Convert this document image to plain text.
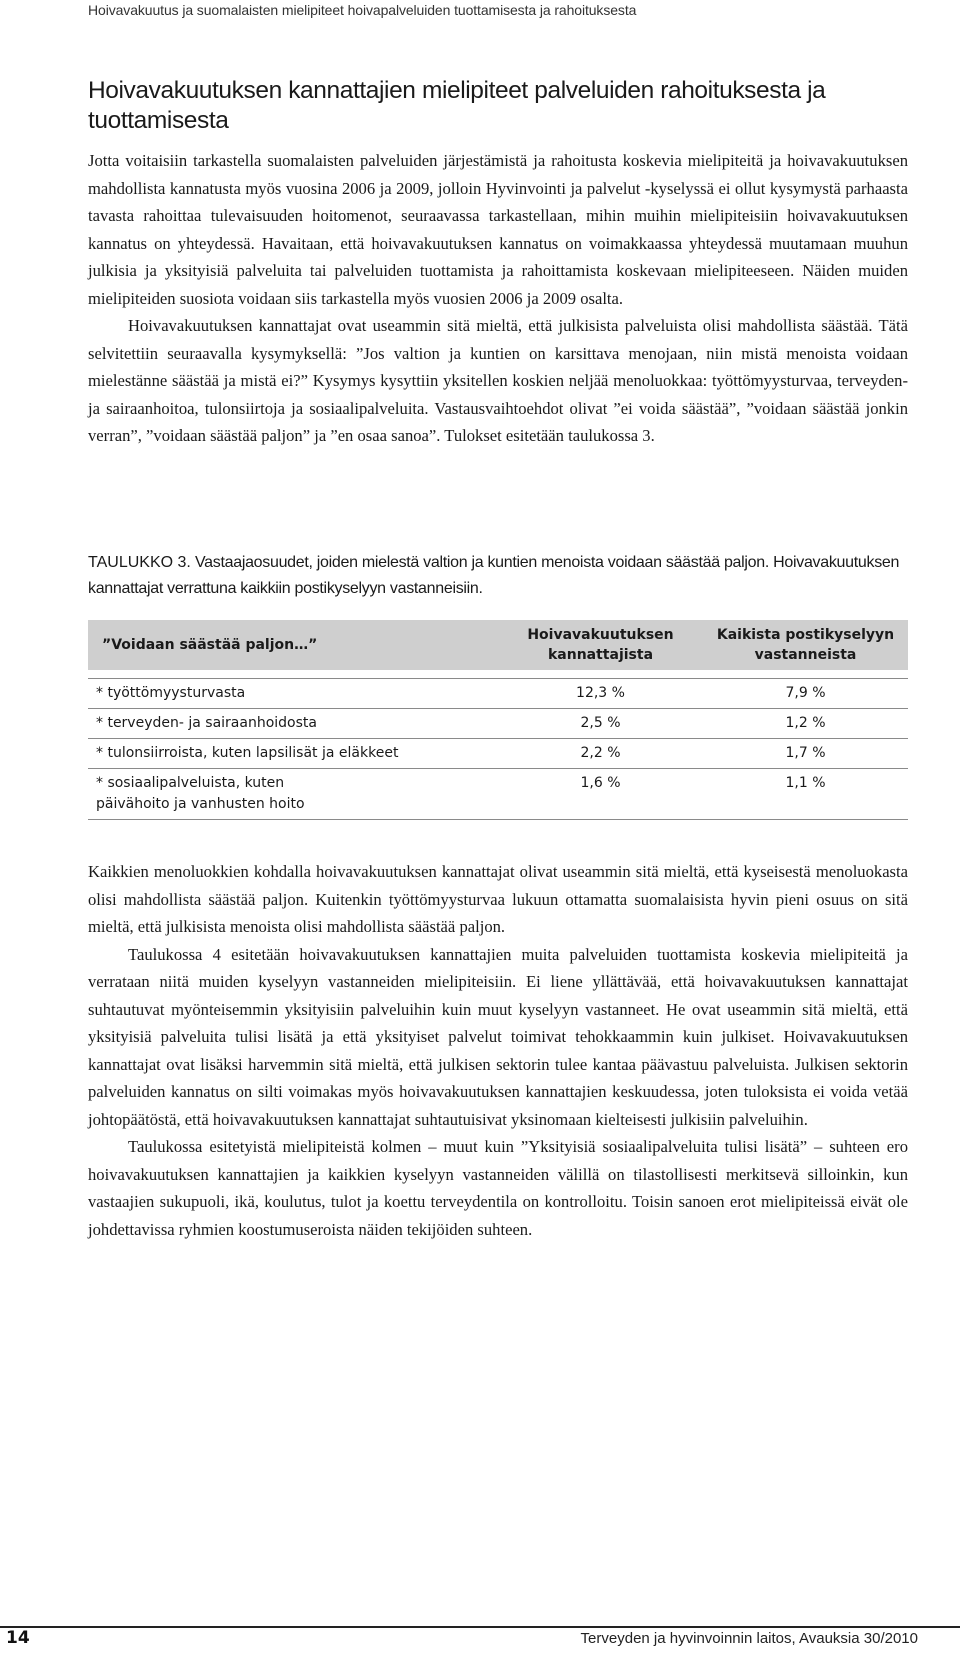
Hoivavakuutus ja suomalaisten mielipiteet hoivapalveluiden tuottamisesta ja rahoituksesta
Hoivavakuutuksen kannattajien mielipiteet palveluiden rahoituksesta ja tuottamisesta

Jotta voitaisiin tarkastella suomalaisten palveluiden järjestämistä ja rahoitusta koskevia mielipiteitä ja hoivavakuutuksen mahdollista kannatusta myös vuosina 2006 ja 2009, jolloin Hyvinvointi ja palvelut -kyselyssä ei ollut kysymystä parhaasta tavasta rahoittaa tulevaisuuden hoitomenot, seuraavassa tarkastellaan, mihin muihin mielipiteisiin hoivavakuutuksen kannatus on yhteydessä. Havaitaan, että hoivavakuutuksen kannatus on voimakkaassa yhteydessä muutamaan muuhun julkisia ja yksityisiä palveluita tai palveluiden tuottamista ja rahoittamista koskevaan mielipiteeseen. Näiden muiden mielipiteiden suosiota voidaan siis tarkastella myös vuosien 2006 ja 2009 osalta.

Hoivavakuutuksen kannattajat ovat useammin sitä mieltä, että julkisista palveluista olisi mahdollista säästää. Tätä selvitettiin seuraavalla kysymyksellä: ”Jos valtion ja kuntien on karsittava menojaan, niin mistä menoista voidaan mielestänne säästää ja mistä ei?” Kysymys kysyttiin yksitellen koskien neljää menoluokkaa: työttömyysturvaa, terveyden- ja sairaanhoitoa, tulonsiirtoja ja sosiaalipalveluita. Vastausvaihtoehdot olivat ”ei voida säästää”, ”voidaan säästää jonkin verran”, ”voidaan säästää paljon” ja ”en osaa sanoa”. Tulokset esitetään taulukossa 3.

TAULUKKO 3. Vastaajaosuudet, joiden mielestä valtion ja kuntien menoista voidaan säästää paljon. Hoivavakuutuksen kannattajat verrattuna kaikkiin postikyselyyn vastanneisiin.

”Voidaan säästää paljon…”	Hoivavakuutuksen kannattajista	Kaikista postikyselyyn vastanneista

* työttömyysturvasta	12,3 %	7,9 %
* terveyden- ja sairaanhoidosta	2,5 %	1,2 %
* tulonsiirroista, kuten lapsilisät ja eläkkeet	2,2 %	1,7 %
* sosiaalipalveluista, kuten päivähoito ja vanhusten hoito	1,6 %	1,1 %

Kaikkien menoluokkien kohdalla hoivavakuutuksen kannattajat olivat useammin sitä mieltä, että kyseisestä menoluokasta olisi mahdollista säästää paljon. Kuitenkin työttömyysturvaa lukuun ottamatta suomalaisista hyvin pieni osuus on sitä mieltä, että julkisista menoista olisi mahdollista säästää paljon.

Taulukossa 4 esitetään hoivavakuutuksen kannattajien muita palveluiden tuottamista koskevia mielipiteitä ja verrataan niitä muiden kyselyyn vastanneiden mielipiteisiin. Ei liene yllättävää, että hoivavakuutuksen kannattajat suhtautuvat myönteisemmin yksityisiin palveluihin kuin muut kyselyyn vastanneet. He ovat useammin sitä mieltä, että yksityisiä palveluita tulisi lisätä ja että yksityiset palvelut toimivat tehokkaammin kuin julkiset. Hoivavakuutuksen kannattajat ovat lisäksi harvemmin sitä mieltä, että julkisen sektorin tulee kantaa päävastuu palveluista. Julkisen sektorin palveluiden kannatus on silti voimakas myös hoivavakuutuksen kannattajien keskuudessa, joten tuloksista ei voida vetää johtopäätöstä, että hoivavakuutuksen kannattajat suhtautuisivat yksinomaan kielteisesti julkisiin palveluihin.

Taulukossa esitetyistä mielipiteistä kolmen – muut kuin ”Yksityisiä sosiaalipalveluita tulisi lisätä” – suhteen ero hoivavakuutuksen kannattajien ja kaikkien kyselyyn vastanneiden välillä on tilastollisesti merkitsevä silloinkin, kun vastaajien sukupuoli, ikä, koulutus, tulot ja koettu terveydentila on kontrolloitu. Toisin sanoen erot mielipiteissä eivät ole johdettavissa ryhmien koostumuseroista näiden tekijöiden suhteen.

14	Terveyden ja hyvinvoinnin laitos, Avauksia 30/2010
